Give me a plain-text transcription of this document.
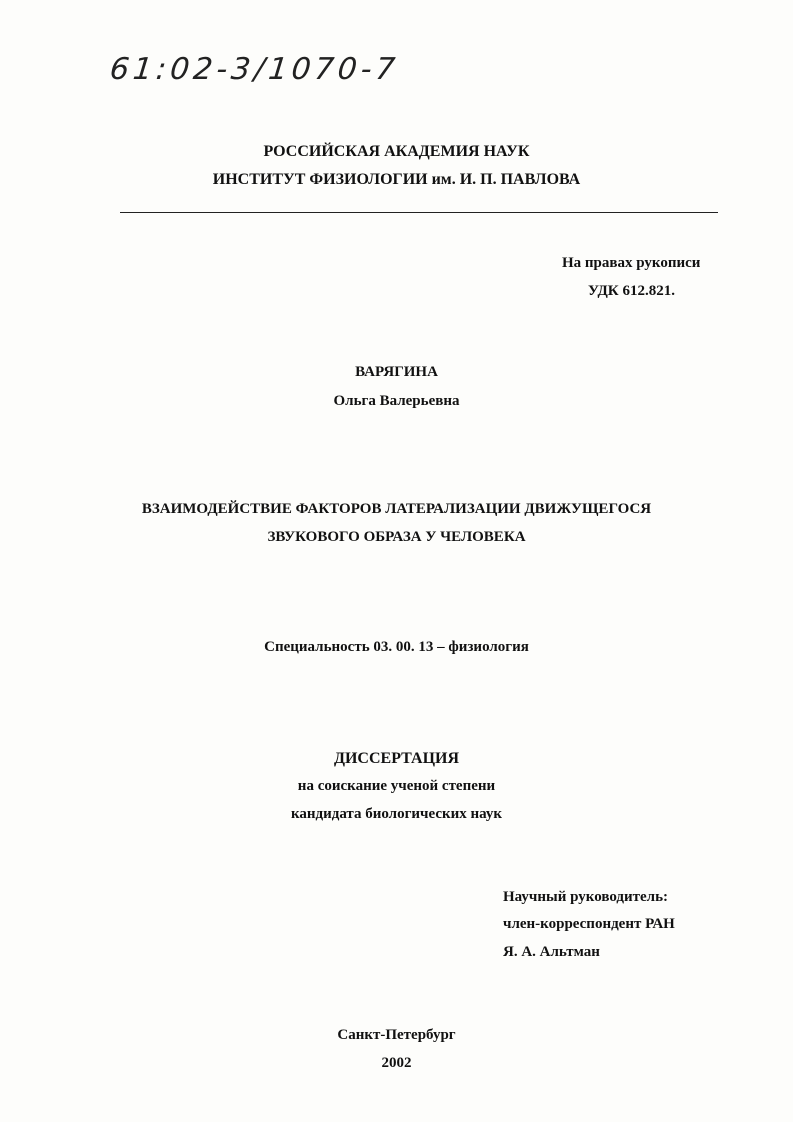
61:02-3/1070-7
РОССИЙСКАЯ АКАДЕМИЯ НАУК
ИНСТИТУТ ФИЗИОЛОГИИ им. И. П. ПАВЛОВА
На правах рукописи
УДК 612.821.
ВАРЯГИНА
Ольга Валерьевна
ВЗАИМОДЕЙСТВИЕ ФАКТОРОВ ЛАТЕРАЛИЗАЦИИ ДВИЖУЩЕГОСЯ
ЗВУКОВОГО ОБРАЗА У ЧЕЛОВЕКА
Специальность 03. 00. 13 – физиология
ДИССЕРТАЦИЯ
на соискание ученой степени
кандидата биологических наук
Научный руководитель:
член-корреспондент РАН
Я. А. Альтман
Санкт-Петербург
2002
